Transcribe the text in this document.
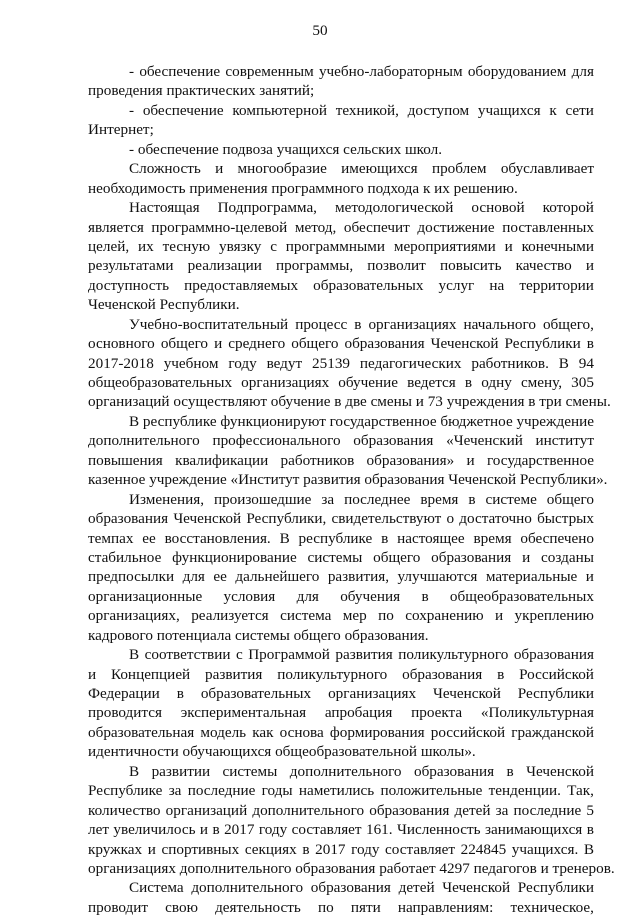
50
- обеспечение современным учебно-лабораторным оборудованием для
проведения практических занятий;
- обеспечение компьютерной техникой, доступом учащихся к сети
Интернет;
- обеспечение подвоза учащихся сельских школ.
Сложность и многообразие имеющихся проблем обуславливает
необходимость применения программного подхода к их решению.
Настоящая Подпрограмма, методологической основой которой
является программно-целевой метод, обеспечит достижение поставленных
целей, их тесную увязку с программными мероприятиями и конечными
результатами реализации программы, позволит повысить качество и
доступность предоставляемых образовательных услуг на территории
Чеченской Республики.
Учебно-воспитательный процесс в организациях начального общего,
основного общего и среднего общего образования Чеченской Республики в
2017-2018 учебном году ведут 25139 педагогических работников. В 94
общеобразовательных организациях обучение ведется в одну смену, 305
организаций осуществляют обучение в две смены и 73 учреждения в три смены.
В республике функционируют государственное бюджетное учреждение
дополнительного профессионального образования «Чеченский институт
повышения квалификации работников образования» и государственное
казенное учреждение «Институт развития образования Чеченской Республики».
Изменения, произошедшие за последнее время в системе общего
образования Чеченской Республики, свидетельствуют о достаточно быстрых
темпах ее восстановления. В республике в настоящее время обеспечено
стабильное функционирование системы общего образования и созданы
предпосылки для ее дальнейшего развития, улучшаются материальные и
организационные условия для обучения в общеобразовательных
организациях, реализуется система мер по сохранению и укреплению
кадрового потенциала системы общего образования.
В соответствии с Программой развития поликультурного образования
и Концепцией развития поликультурного образования в Российской
Федерации в образовательных организациях Чеченской Республики
проводится экспериментальная апробация проекта «Поликультурная
образовательная модель как основа формирования российской гражданской
идентичности обучающихся общеобразовательной школы».
В развитии системы дополнительного образования в Чеченской
Республике за последние годы наметились положительные тенденции. Так,
количество организаций дополнительного образования детей за последние 5
лет увеличилось и в 2017 году составляет 161. Численность занимающихся в
кружках и спортивных секциях в 2017 году составляет 224845 учащихся. В
организациях дополнительного образования работает 4297 педагогов и тренеров.
Система дополнительного образования детей Чеченской Республики
проводит свою деятельность по пяти направлениям: техническое,
